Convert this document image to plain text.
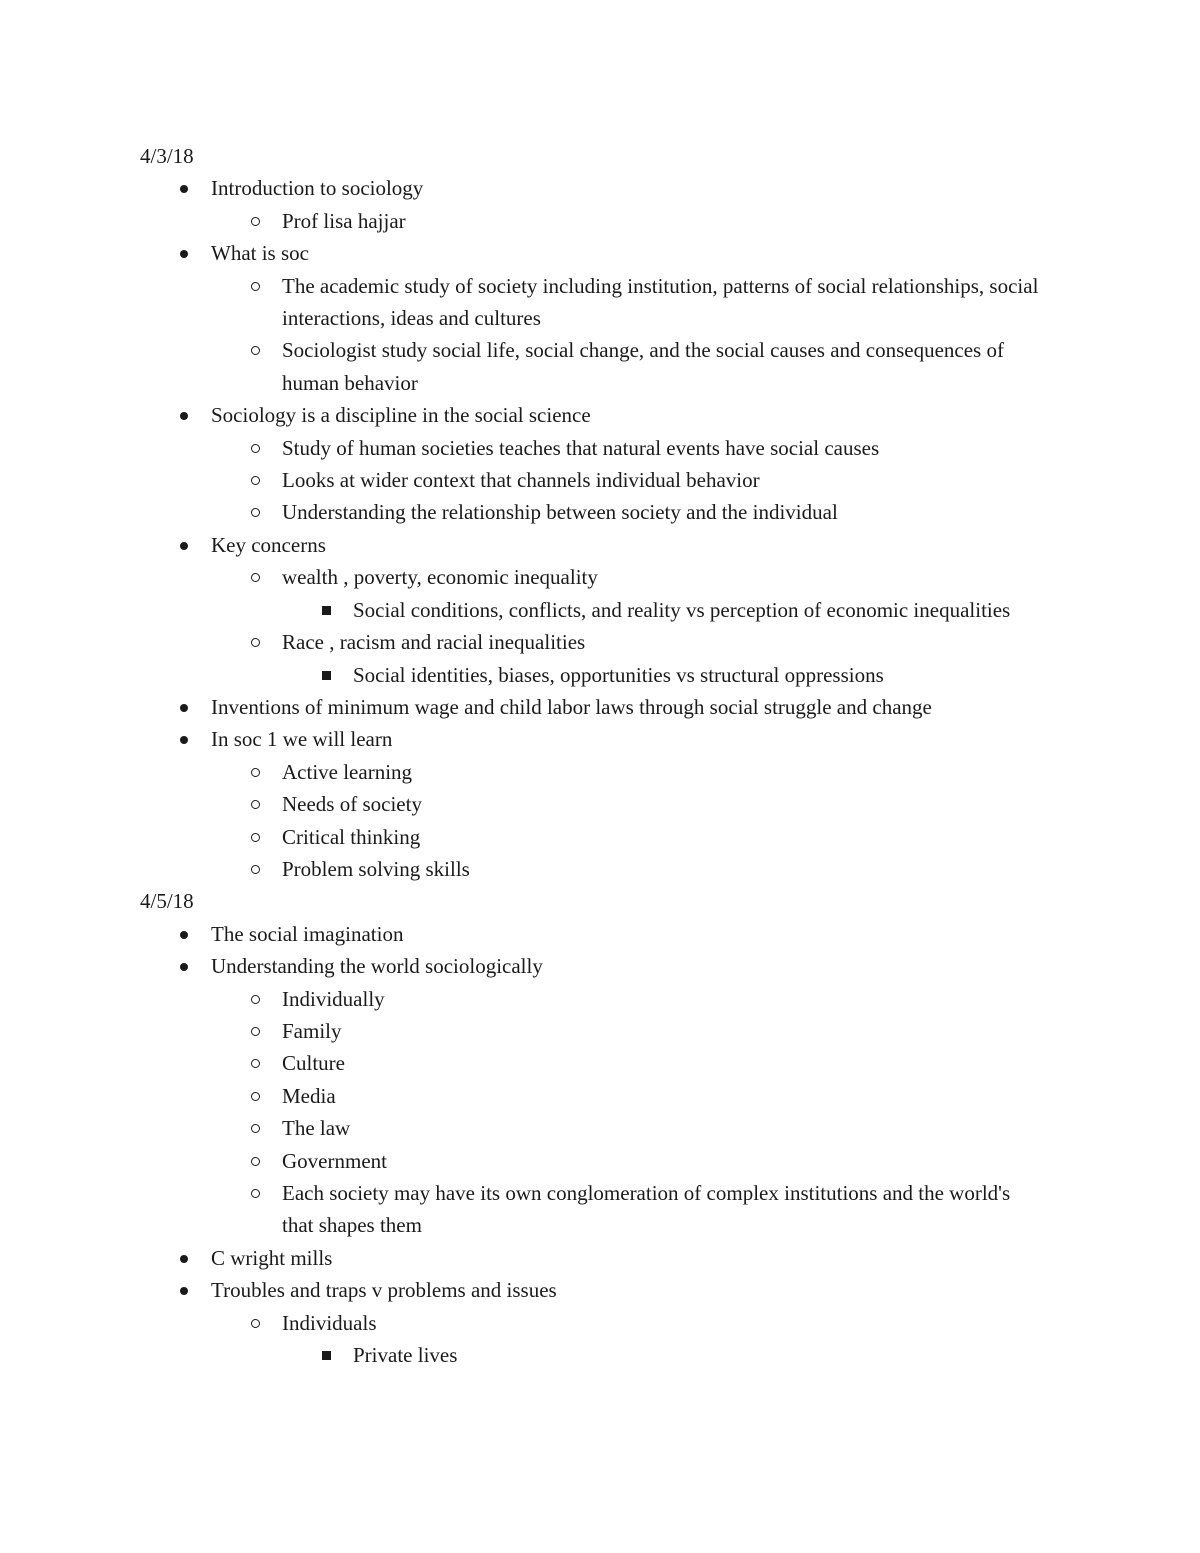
4/3/18
Introduction to sociology
Prof lisa hajjar
What is soc
The academic study of society including institution, patterns of social relationships, social interactions, ideas and cultures
Sociologist study social life, social change, and the social causes and consequences of human behavior
Sociology is a discipline in the social science
Study of human societies teaches that natural events have social causes
Looks at wider context that channels individual behavior
Understanding the relationship between society and the individual
Key concerns
wealth , poverty, economic inequality
Social conditions, conflicts, and reality vs perception of economic inequalities
Race , racism and racial inequalities
Social identities, biases, opportunities vs structural oppressions
Inventions of minimum wage and child labor laws through social struggle and change
In soc 1 we will learn
Active learning
Needs of society
Critical thinking
Problem solving skills
4/5/18
The social imagination
Understanding the world sociologically
Individually
Family
Culture
Media
The law
Government
Each society may have its own conglomeration of complex institutions and the world's that shapes them
C wright mills
Troubles and traps v problems and issues
Individuals
Private lives
